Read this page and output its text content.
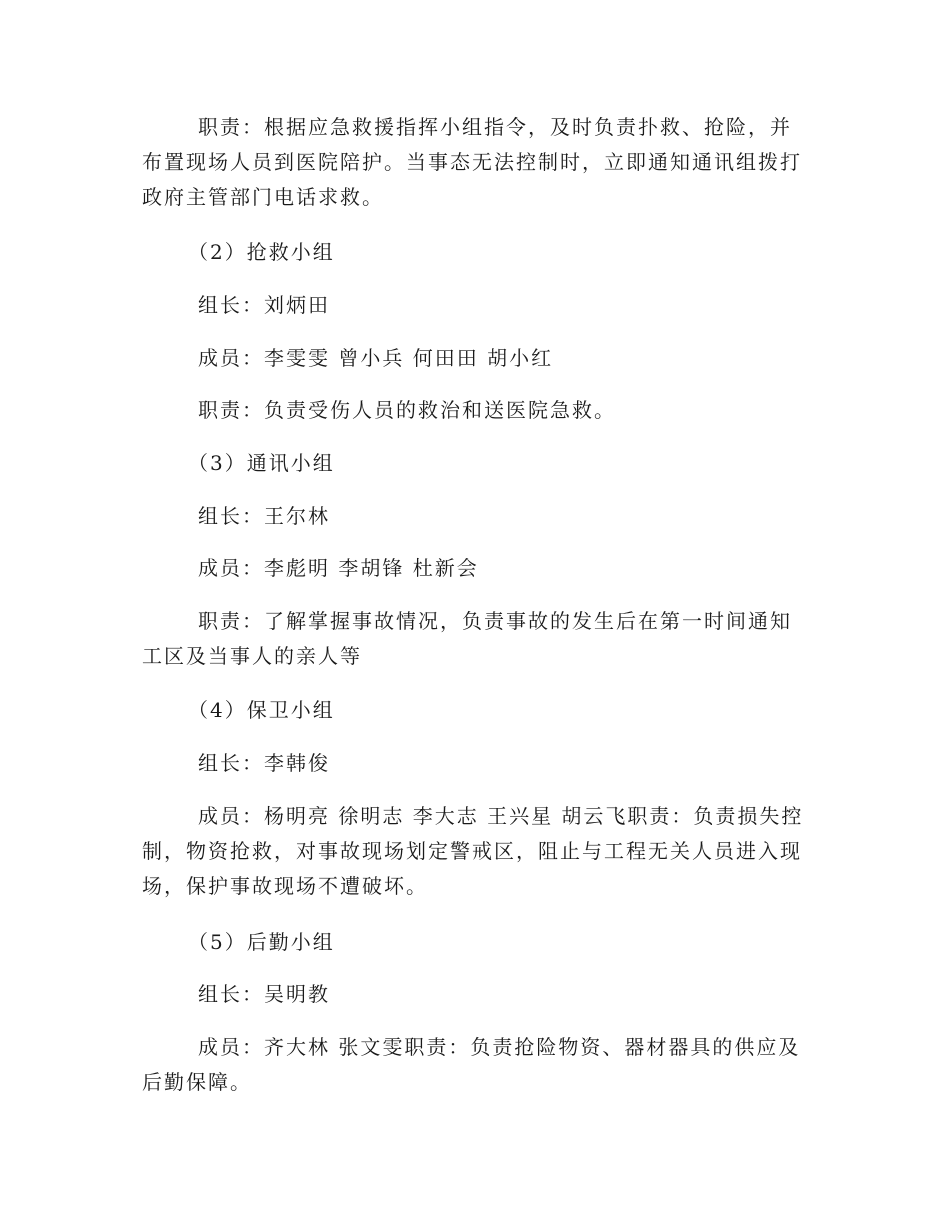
职责：根据应急救援指挥小组指令，及时负责扑救、抢险，并布置现场人员到医院陪护。当事态无法控制时，立即通知通讯组拨打政府主管部门电话求救。

（2）抢救小组

组长：刘炳田

成员：李雯雯 曾小兵 何田田 胡小红

职责：负责受伤人员的救治和送医院急救。

（3）通讯小组

组长：王尔林

成员：李彪明 李胡锋 杜新会

职责：了解掌握事故情况，负责事故的发生后在第一时间通知工区及当事人的亲人等

（4）保卫小组

组长：李韩俊

成员：杨明亮 徐明志 李大志 王兴星 胡云飞职责：负责损失控制，物资抢救，对事故现场划定警戒区，阻止与工程无关人员进入现场，保护事故现场不遭破坏。

（5）后勤小组

组长：吴明教

成员：齐大林 张文雯职责：负责抢险物资、器材器具的供应及后勤保障。
